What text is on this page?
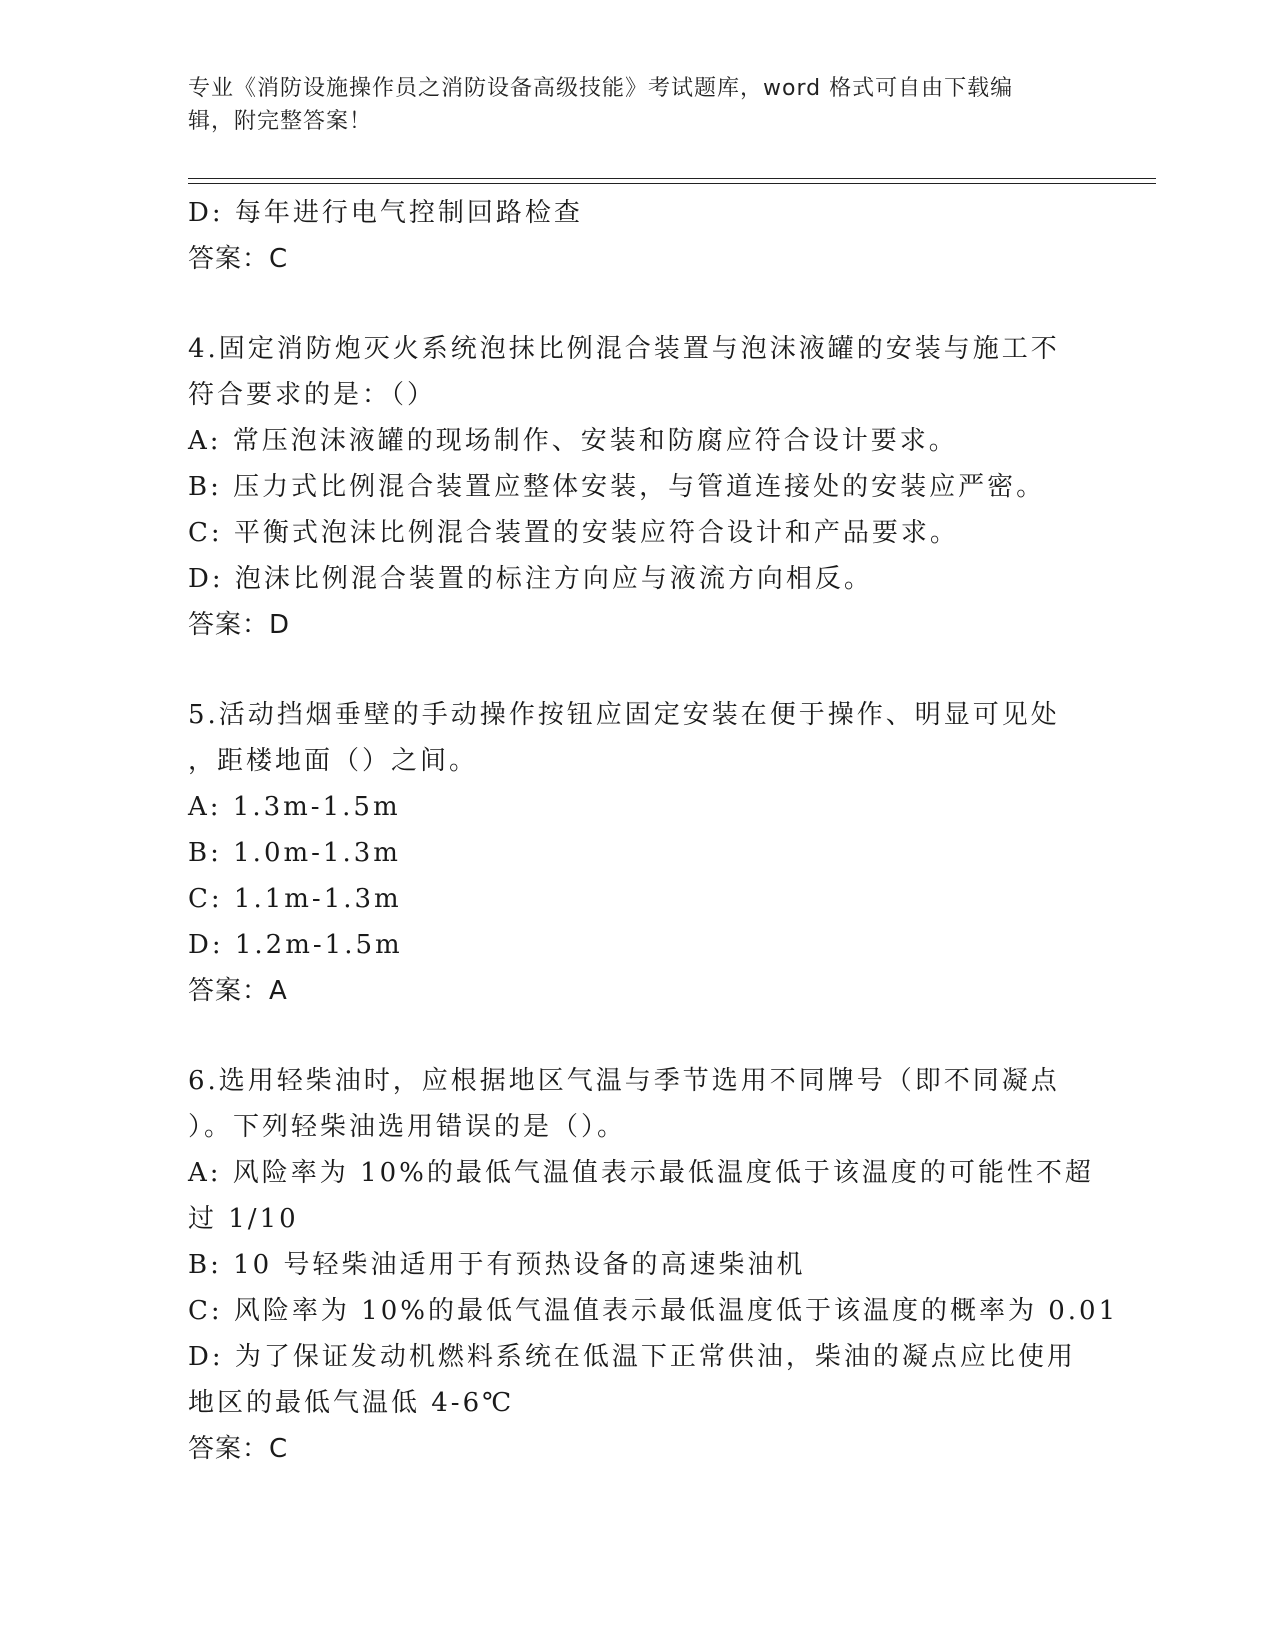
专业《消防设施操作员之消防设备高级技能》考试题库，word 格式可自由下载编
辑，附完整答案！
D: 每年进行电气控制回路检查
答案：C
4.固定消防炮灭火系统泡抹比例混合装置与泡沫液罐的安装与施工不
符合要求的是：（）
A: 常压泡沫液罐的现场制作、安装和防腐应符合设计要求。
B: 压力式比例混合装置应整体安装，与管道连接处的安装应严密。
C: 平衡式泡沫比例混合装置的安装应符合设计和产品要求。
D: 泡沫比例混合装置的标注方向应与液流方向相反。
答案：D
5.活动挡烟垂壁的手动操作按钮应固定安装在便于操作、明显可见处
，距楼地面（）之间。
A: 1.3m-1.5m
B: 1.0m-1.3m
C: 1.1m-1.3m
D: 1.2m-1.5m
答案：A
6.选用轻柴油时，应根据地区气温与季节选用不同牌号（即不同凝点
）。下列轻柴油选用错误的是（）。
A: 风险率为 10%的最低气温值表示最低温度低于该温度的可能性不超
过 1/10
B: 10 号轻柴油适用于有预热设备的高速柴油机
C: 风险率为 10%的最低气温值表示最低温度低于该温度的概率为 0.01
D: 为了保证发动机燃料系统在低温下正常供油，柴油的凝点应比使用
地区的最低气温低 4-6℃
答案：C
